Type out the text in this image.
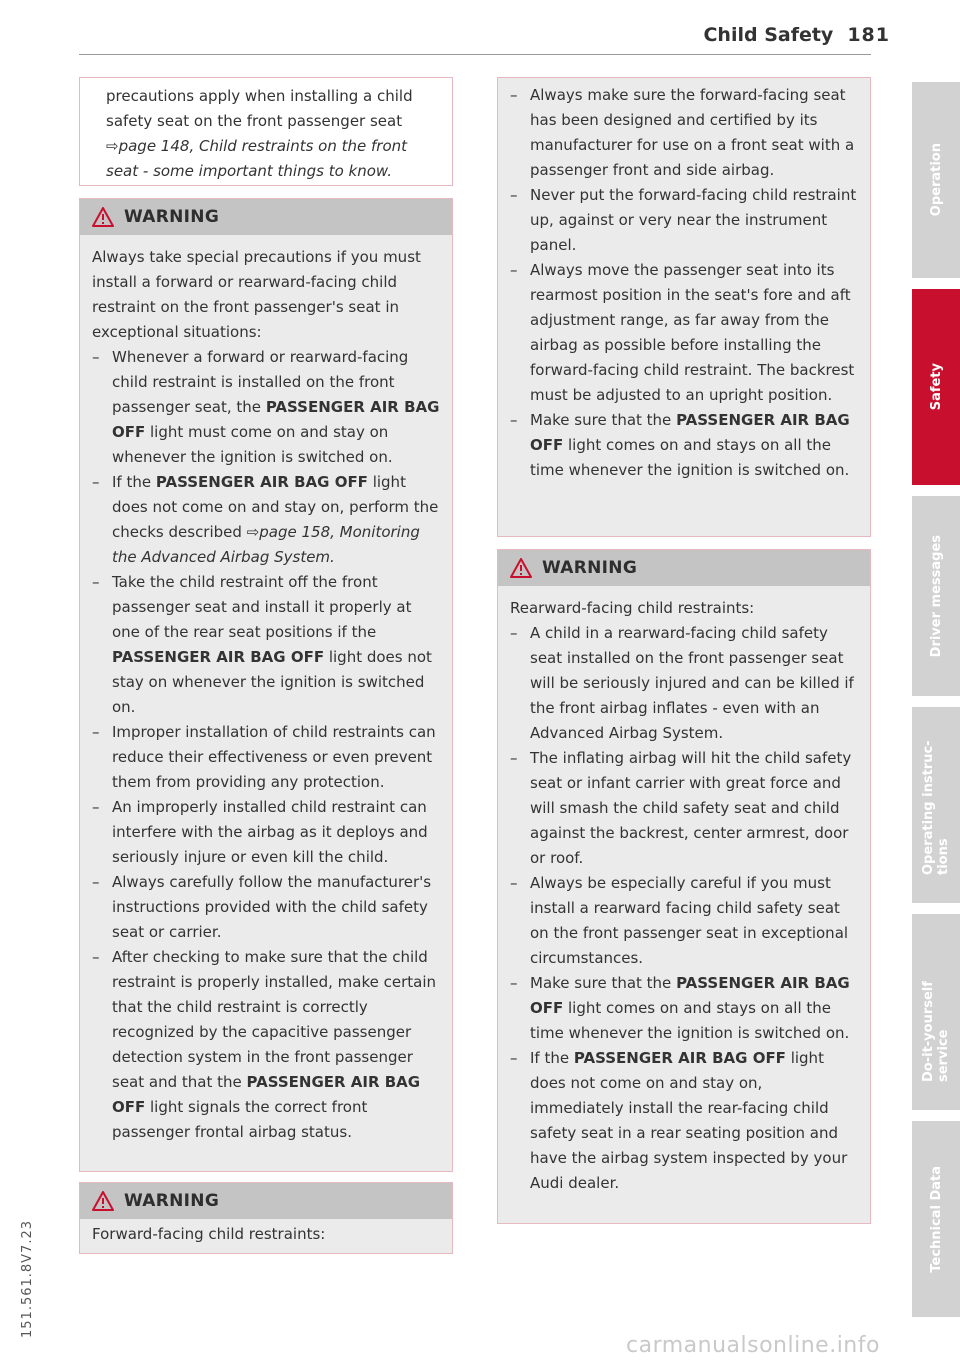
Child Safety 181
precautions apply when installing a child safety seat on the front passenger seat ⇨page 148, Child restraints on the front seat - some important things to know.
WARNING

Always take special precautions if you must install a forward or rearward-facing child restraint on the front passenger's seat in exceptional situations:

– Whenever a forward or rearward-facing child restraint is installed on the front passenger seat, the PASSENGER AIR BAG OFF light must come on and stay on whenever the ignition is switched on.
– If the PASSENGER AIR BAG OFF light does not come on and stay on, perform the checks described ⇨page 158, Monitoring the Advanced Airbag System.
– Take the child restraint off the front passenger seat and install it properly at one of the rear seat positions if the PASSENGER AIR BAG OFF light does not stay on whenever the ignition is switched on.
– Improper installation of child restraints can reduce their effectiveness or even prevent them from providing any protection.
– An improperly installed child restraint can interfere with the airbag as it deploys and seriously injure or even kill the child.
– Always carefully follow the manufacturer's instructions provided with the child safety seat or carrier.
– After checking to make sure that the child restraint is properly installed, make certain that the child restraint is correctly recognized by the capacitive passenger detection system in the front passenger seat and that the PASSENGER AIR BAG OFF light signals the correct front passenger frontal airbag status.
WARNING

Forward-facing child restraints:

– Always make sure the forward-facing seat has been designed and certified by its manufacturer for use on a front seat with a passenger front and side airbag.
– Never put the forward-facing child restraint up, against or very near the instrument panel.
– Always move the passenger seat into its rearmost position in the seat's fore and aft adjustment range, as far away from the airbag as possible before installing the forward-facing child restraint. The backrest must be adjusted to an upright position.
– Make sure that the PASSENGER AIR BAG OFF light comes on and stays on all the time whenever the ignition is switched on.
WARNING

Rearward-facing child restraints:

– A child in a rearward-facing child safety seat installed on the front passenger seat will be seriously injured and can be killed if the front airbag inflates - even with an Advanced Airbag System.
– The inflating airbag will hit the child safety seat or infant carrier with great force and will smash the child safety seat and child against the backrest, center armrest, door or roof.
– Always be especially careful if you must install a rearward facing child safety seat on the front passenger seat in exceptional circumstances.
– Make sure that the PASSENGER AIR BAG OFF light comes on and stays on all the time whenever the ignition is switched on.
– If the PASSENGER AIR BAG OFF light does not come on and stay on, immediately install the rear-facing child safety seat in a rear seating position and have the airbag system inspected by your Audi dealer.
Operation
Safety
Driver messages
Operating instruc-tions
Do-it-yourself service
Technical Data
151.561.8V7.23
carmanualsonline.info
